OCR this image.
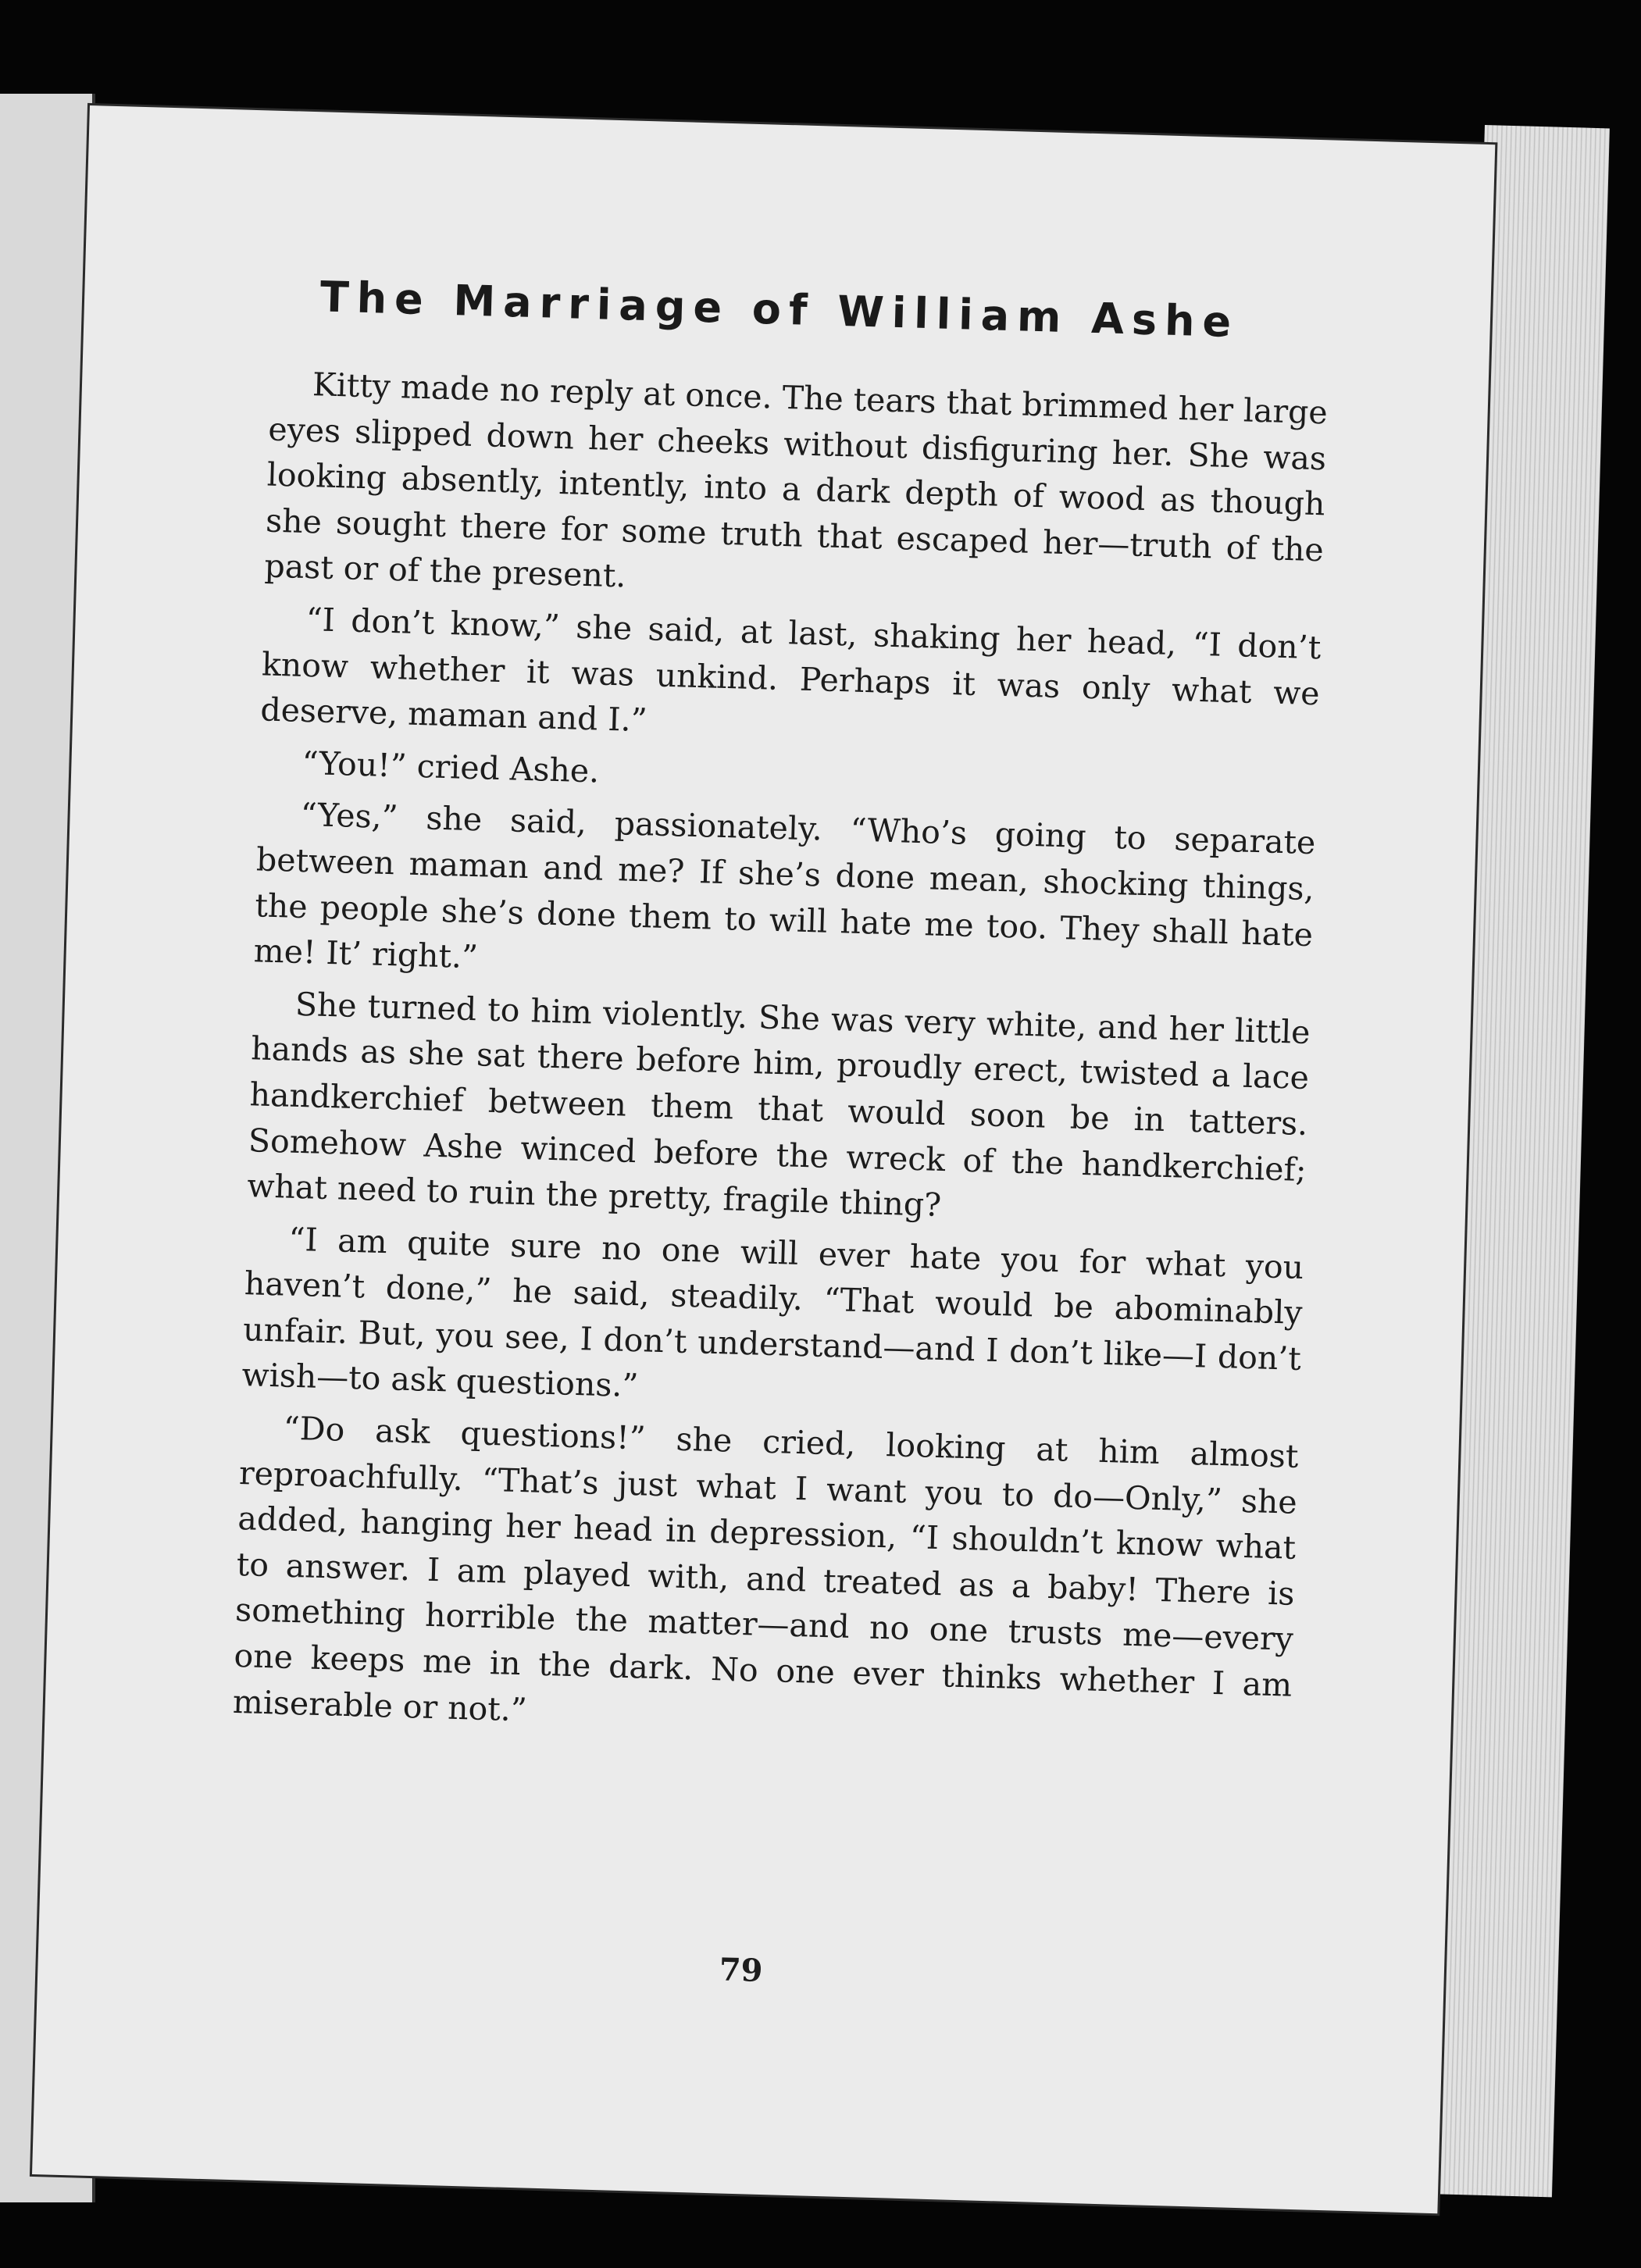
The Marriage of William Ashe

Kitty made no reply at once. The tears that brimmed her large eyes slipped down her cheeks without disfiguring her. She was looking absently, intently, into a dark depth of wood as though she sought there for some truth that escaped her—truth of the past or of the present.

“I don’t know,” she said, at last, shaking her head, “I don’t know whether it was unkind. Perhaps it was only what we deserve, maman and I.”

“You!” cried Ashe.

“Yes,” she said, passionately. “Who’s going to separate between maman and me? If she’s done mean, shocking things, the people she’s done them to will hate me too. They shall hate me! It’ right.”

She turned to him violently. She was very white, and her little hands as she sat there before him, proudly erect, twisted a lace handkerchief between them that would soon be in tatters. Somehow Ashe winced before the wreck of the handkerchief; what need to ruin the pretty, fragile thing?

“I am quite sure no one will ever hate you for what you haven’t done,” he said, steadily. “That would be abominably unfair. But, you see, I don’t understand—and I don’t like—I don’t wish—to ask questions.”

“Do ask questions!” she cried, looking at him almost reproachfully. “That’s just what I want you to do—Only,” she added, hanging her head in depression, “I shouldn’t know what to answer. I am played with, and treated as a baby! There is something horrible the matter—and no one trusts me—every one keeps me in the dark. No one ever thinks whether I am miserable or not.”

79
